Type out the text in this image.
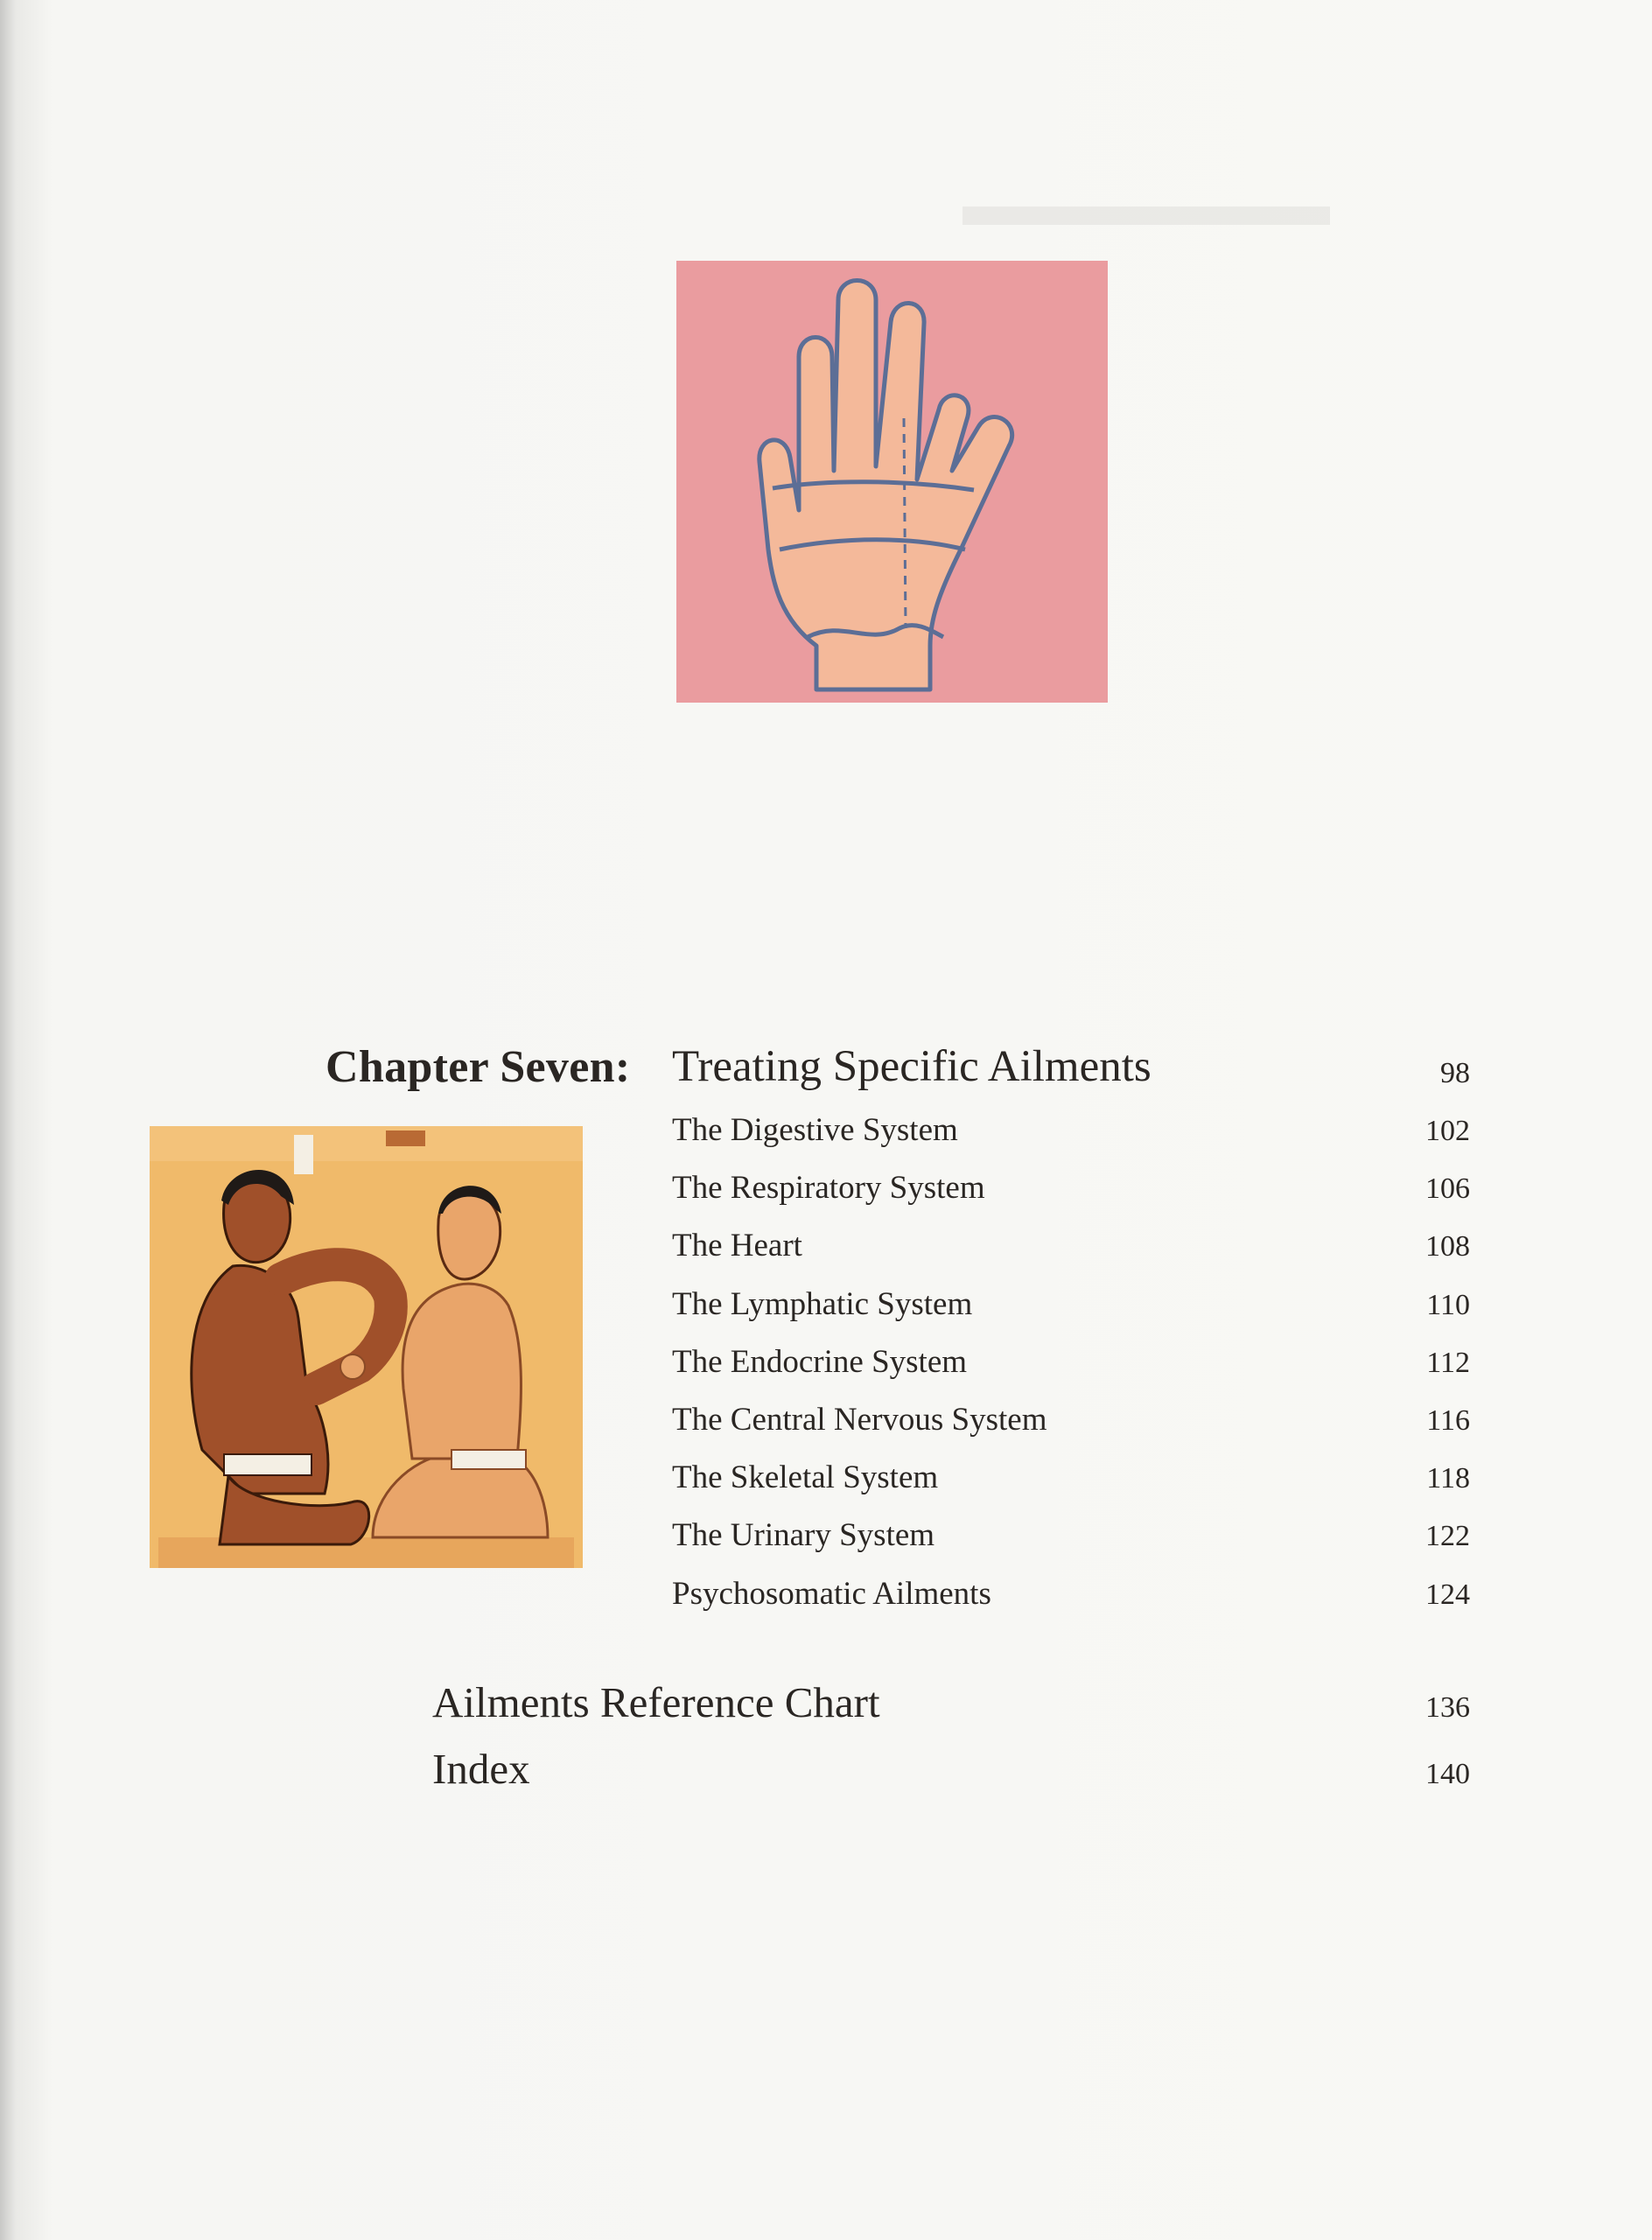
▬▬▬▬▬▬
Chapter Seven: Treating Specific Ailments	98
The Digestive System	102
The Respiratory System	106
The Heart	108
The Lymphatic System	110
The Endocrine System	112
The Central Nervous System	116
The Skeletal System	118
The Urinary System	122
Psychosomatic Ailments	124
Ailments Reference Chart	136
Index	140
